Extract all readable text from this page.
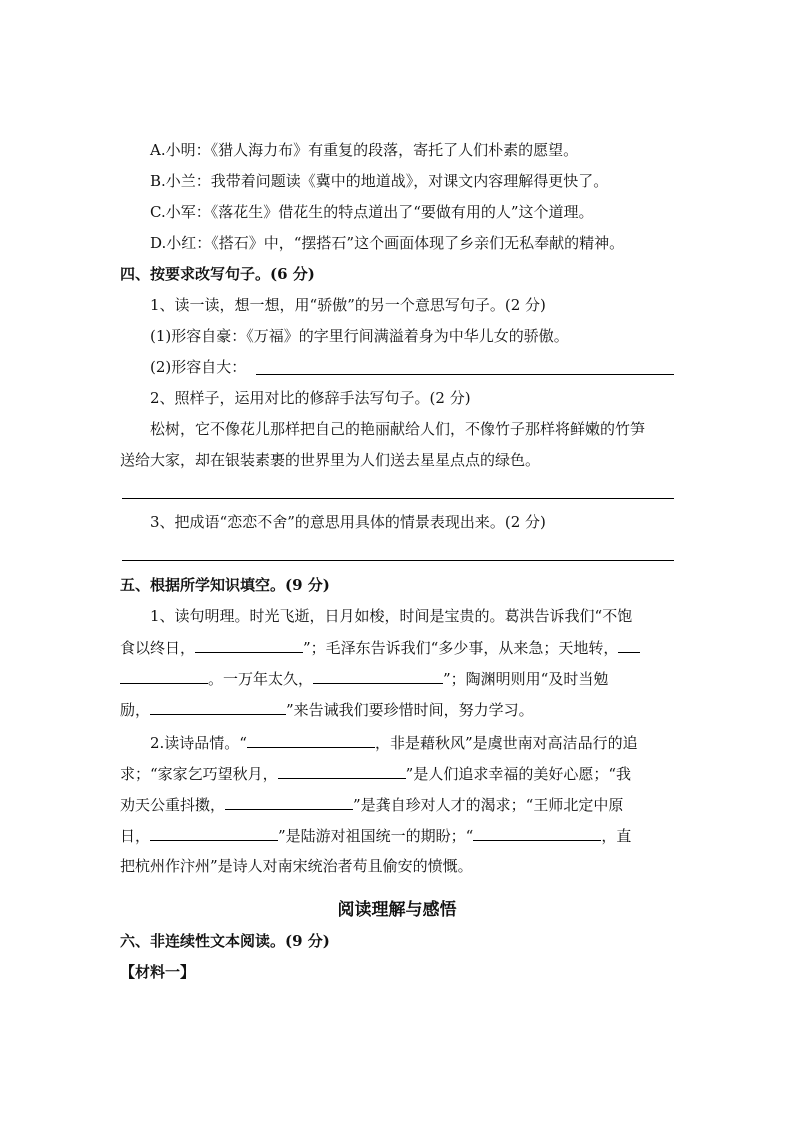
A.小明：《猎人海力布》有重复的段落，寄托了人们朴素的愿望。
B.小兰：我带着问题读《冀中的地道战》，对课文内容理解得更快了。
C.小军：《落花生》借花生的特点道出了“要做有用的人”这个道理。
D.小红：《搭石》中，“摆搭石”这个画面体现了乡亲们无私奉献的精神。
四、按要求改写句子。(6 分)
1、读一读，想一想，用“骄傲”的另一个意思写句子。(2 分)
(1)形容自豪：《万福》的字里行间满溢着身为中华儿女的骄傲。
(2)形容自大：
2、照样子，运用对比的修辞手法写句子。(2 分)
松树，它不像花儿那样把自己的艳丽献给人们，不像竹子那样将鲜嫩的竹笋
送给大家，却在银装素裹的世界里为人们送去星星点点的绿色。
3、把成语“恋恋不舍”的意思用具体的情景表现出来。(2 分)
五、根据所学知识填空。(9 分)
1、读句明理。时光飞逝，日月如梭，时间是宝贵的。葛洪告诉我们“不饱
食以终日，	”；毛泽东告诉我们“多少事，从来急；天地转，
。一万年太久，	”；陶渊明则用“及时当勉
励，	”来告诫我们要珍惜时间，努力学习。
2.读诗品情。“	，非是藉秋风”是虞世南对高洁品行的追
求；“家家乞巧望秋月，	”是人们追求幸福的美好心愿；“我
劝天公重抖擞，	”是龚自珍对人才的渴求；“王师北定中原
日，	”是陆游对祖国统一的期盼；“	，直
把杭州作汴州”是诗人对南宋统治者苟且偷安的愤慨。
阅读理解与感悟
六、非连续性文本阅读。(9 分)
【材料一】
